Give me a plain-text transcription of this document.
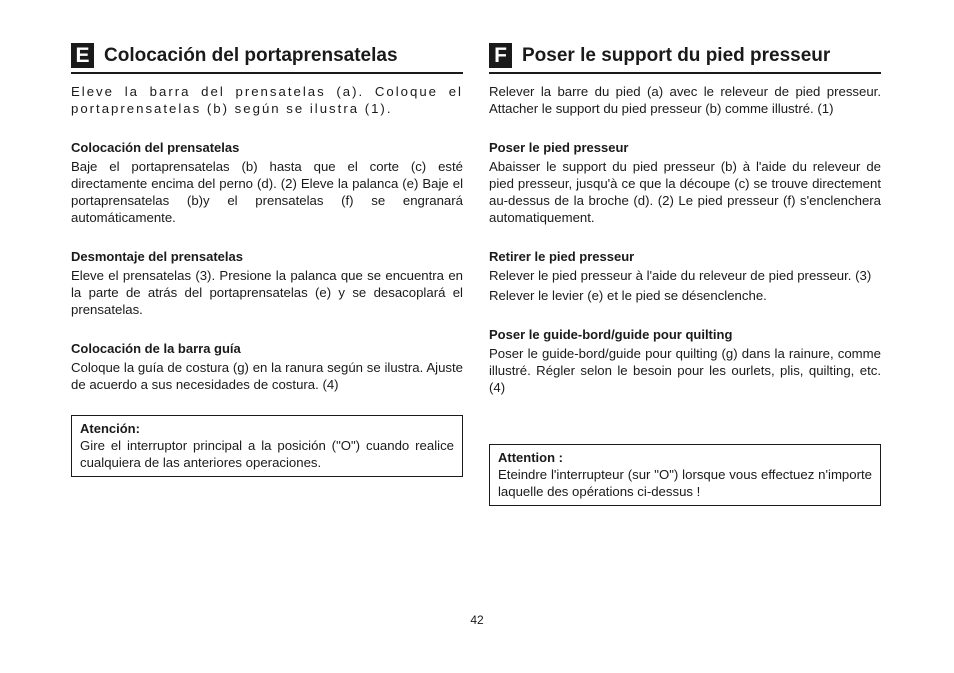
E Colocación del portaprensatelas

Eleve la barra del prensatelas (a). Coloque el portaprensatelas (b) según se ilustra (1).

Colocación del prensatelas

Baje el portaprensatelas (b) hasta que el corte (c) esté directamente encima del perno (d). (2) Eleve la palanca (e) Baje el portaprensatelas (b)y el prensatelas (f) se engranará automáticamente.

Desmontaje del prensatelas

Eleve el prensatelas (3). Presione la palanca que se encuentra en la parte de atrás del portaprensatelas (e) y se desacoplará el prensatelas.

Colocación de la barra guía

Coloque la guía de costura (g) en la ranura según se ilustra. Ajuste de acuerdo a sus necesidades de costura. (4)

Atención:

Gire el interruptor principal a la posición ("O") cuando realice cualquiera de las anteriores operaciones.

F Poser le support du pied presseur

Relever la barre du pied (a) avec le releveur de pied presseur. Attacher le support du pied presseur (b) comme illustré. (1)

Poser le pied presseur

Abaisser le support du pied presseur (b) à l'aide du releveur de pied presseur, jusqu'à ce que la découpe (c) se trouve directement au-dessus de la broche (d). (2) Le pied presseur (f) s'enclenchera automatiquement.

Retirer le pied presseur

Relever le pied presseur à l'aide du releveur de pied presseur. (3)

Relever le levier (e) et le pied se désenclenche.

Poser le guide-bord/guide pour quilting

Poser le guide-bord/guide pour quilting (g) dans la rainure, comme illustré. Régler selon le besoin pour les ourlets, plis, quilting, etc. (4)

Attention :

Eteindre l'interrupteur (sur "O") lorsque vous effectuez n'importe laquelle des opérations ci-dessus !

42
